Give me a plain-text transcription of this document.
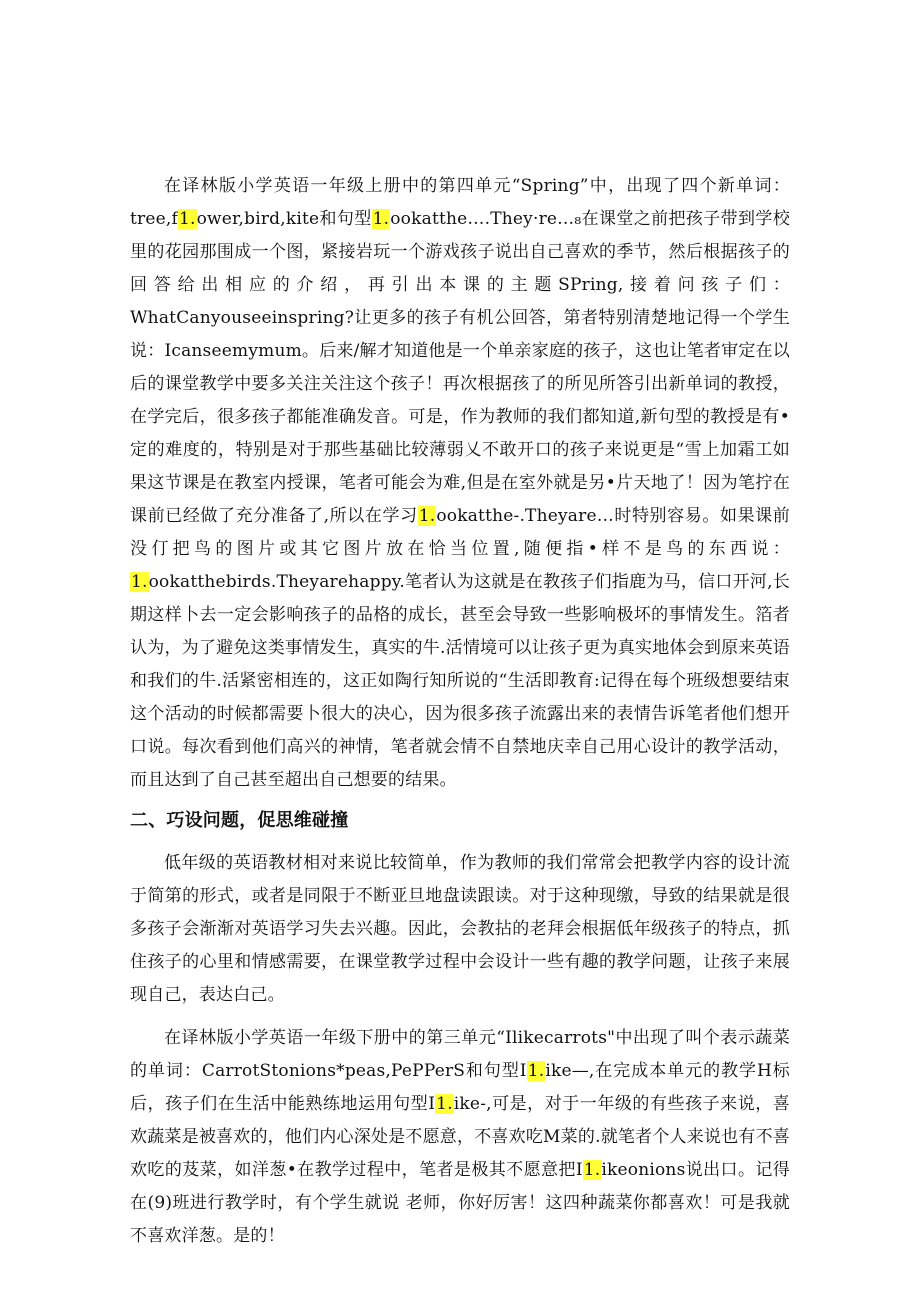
在译林版小学英语一年级上册中的第四单元“Spring”中，出现了四个新单词：tree,f1.ower,bird,kite和句型1.ookatthe….They·re…₈在课堂之前把孩子带到学校里的花园那围成一个图，紧接岩玩一个游戏孩子说出自己喜欢的季节，然后根据孩子的回答给出相应的介绍，再引出本课的主题SPring,接着问孩子们：WhatCanyouseeinspring?让更多的孩子有机公回答，第者特别清楚地记得一个学生说：Icanseemymum。后来/解才知道他是一个单亲家庭的孩子，这也让笔者审定在以后的课堂教学中要多关注关注这个孩子！再次根据孩了的所见所答引出新单词的教授，在学完后，很多孩子都能准确发音。可是，作为教师的我们都知道,新句型的教授是有•定的难度的，特别是对于那些基础比较薄弱乂不敢开口的孩子来说更是“雪上加霜工如果这节课是在教室内授课，笔者可能会为难,但是在室外就是另•片天地了！因为笔拧在课前已经做了充分准备了,所以在学习1.ookatthe-.Theyare…时特别容易。如果课前没仃把鸟的图片或其它图片放在恰当位置,随便指•样不是鸟的东西说：1.ookatthebirds.Theyarehappy.笔者认为这就是在教孩子们指鹿为马，信口开河,长期这样卜去一定会影响孩子的品格的成长，甚至会导致一些影响极坏的事情发生。箔者认为，为了避免这类事情发生，真实的牛.活情境可以让孩子更为真实地体会到原来英语和我们的牛.活紧密相连的，这正如陶行知所说的“生活即教育:记得在每个班级想要结束这个活动的时候都需要卜很大的决心，因为很多孩子流露出来的表情告诉笔者他们想开口说。每次看到他们高兴的神情，笔者就会情不自禁地庆幸自己用心设计的教学活动，而且达到了自己甚至超出自己想要的结果。

二、巧设问题，促思维碰撞

低年级的英语教材相对来说比较简单，作为教师的我们常常会把教学内容的设计流于简第的形式，或者是同限于不断亚旦地盘读跟读。对于这种现缴，导致的结果就是很多孩子会渐渐对英语学习失去兴趣。因此，会教拈的老拜会根据低年级孩子的特点，抓住孩子的心里和情感需要，在课堂教学过程中会设计一些有趣的教学问题，让孩子来展现自己，表达白己。

在译林版小学英语一年级下册中的第三单元“Ilikecarrots"中出现了叫个表示蔬菜的单词：CarrotStonions*peas,PePPerS和句型I1.ike—,在完成本单元的教学H标后，孩子们在生活中能熟练地运用句型I1.ike-,可是，对于一年级的有些孩子来说，喜欢蔬菜是被喜欢的，他们内心深处是不愿意，不喜欢吃M菜的.就笔者个人来说也有不喜欢吃的芨菜，如洋葱•在教学过程中，笔者是极其不愿意把I1.ikeonions说出口。记得在(9)班进行教学时，有个学生就说 老师，你好厉害！这四种蔬菜你都喜欢！可是我就不喜欢洋葱。是的！
